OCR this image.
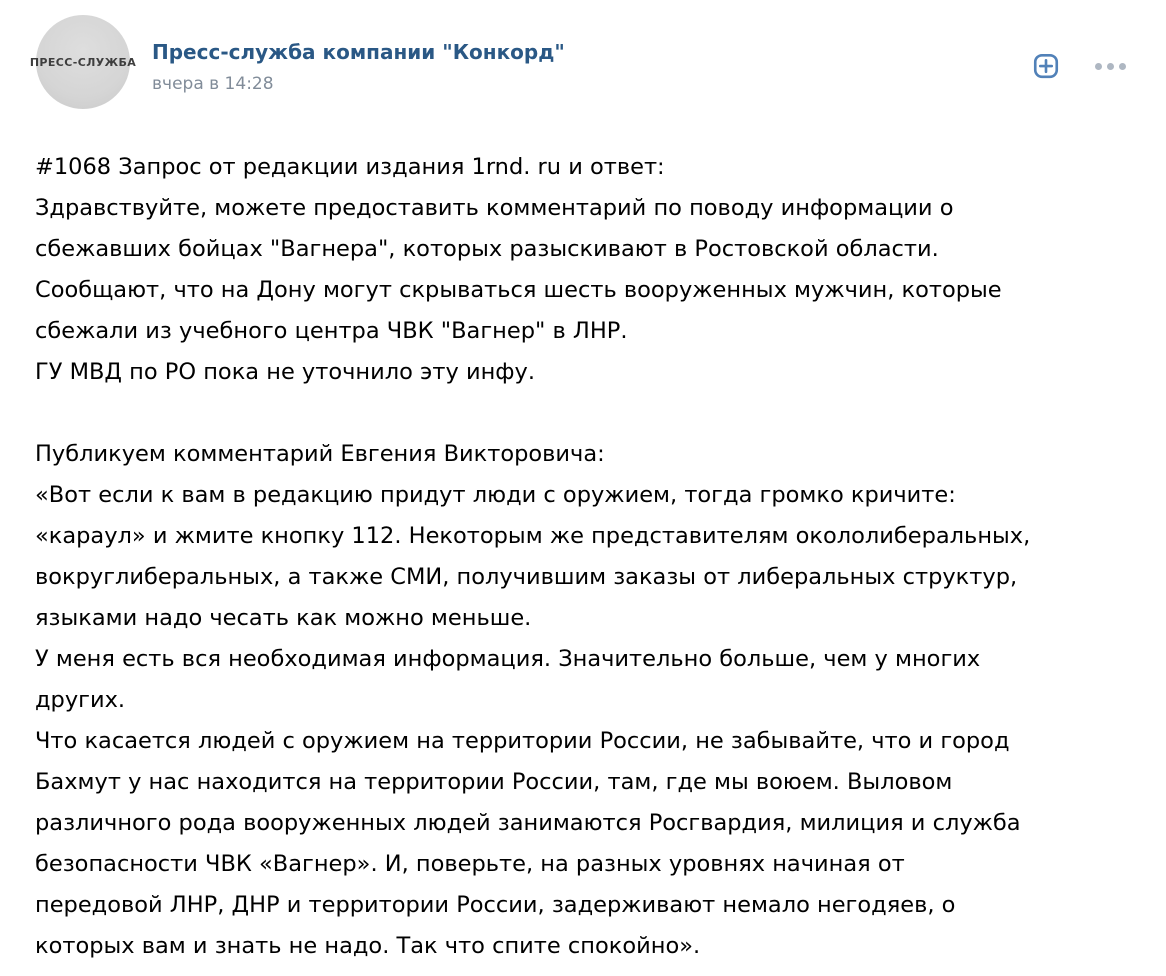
ПРЕСС-СЛУЖБА Пресс-служба компании "Конкорд"
вчера в 14:28
#1068 Запрос от редакции издания 1rnd. ru и ответ:
Здравствуйте, можете предоставить комментарий по поводу информации о
сбежавших бойцах "Вагнера", которых разыскивают в Ростовской области.
Сообщают, что на Дону могут скрываться шесть вооруженных мужчин, которые
сбежали из учебного центра ЧВК "Вагнер" в ЛНР.
ГУ МВД по РО пока не уточнило эту инфу.
Публикуем комментарий Евгения Викторовича:
«Вот если к вам в редакцию придут люди с оружием, тогда громко кричите:
«караул» и жмите кнопку 112. Некоторым же представителям окололиберальных,
вокруглиберальных, а также СМИ, получившим заказы от либеральных структур,
языками надо чесать как можно меньше.
У меня есть вся необходимая информация. Значительно больше, чем у многих
других.
Что касается людей с оружием на территории России, не забывайте, что и город
Бахмут у нас находится на территории России, там, где мы воюем. Выловом
различного рода вооруженных людей занимаются Росгвардия, милиция и служба
безопасности ЧВК «Вагнер». И, поверьте, на разных уровнях начиная от
передовой ЛНР, ДНР и территории России, задерживают немало негодяев, о
которых вам и знать не надо. Так что спите спокойно».
